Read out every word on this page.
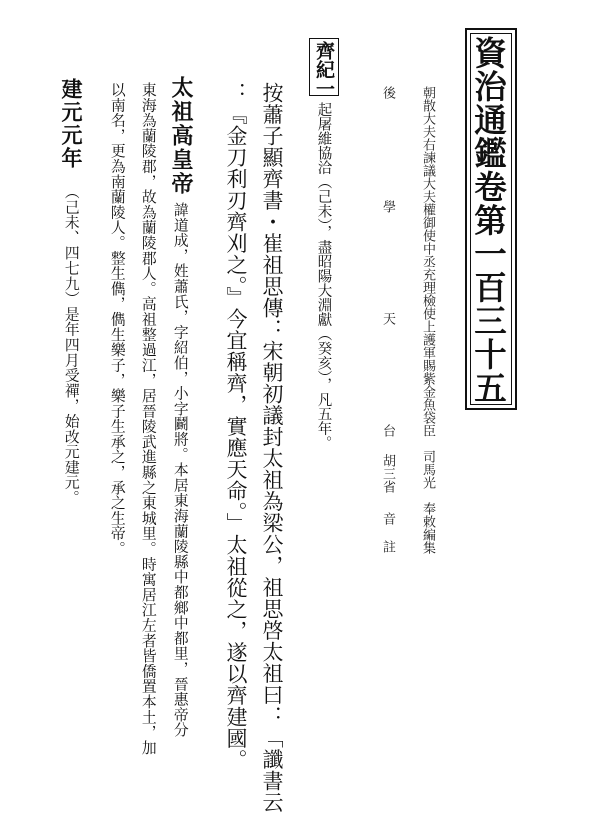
資治通鑑卷第一百三十五
朝散大夫右諫議大夫權御使中丞充理檢使上護軍賜紫金魚袋臣　司馬光　奉敕編集
後
學
天
台
胡三省
音
註
齊紀一
起屠維協洽（己未），盡昭陽大淵獻（癸亥），凡五年。
按蕭子顯齊書・崔祖思傳：宋朝初議封太祖為梁公，祖思啓太祖曰：「讖書云
：『金刀利刃齊刈之。』今宜稱齊，實應天命。」太祖從之，遂以齊建國。
太祖高皇帝
諱道成，姓蕭氏，字紹伯，小字鬬將。本居東海蘭陵縣中都鄉中都里，晉惠帝分
東海為蘭陵郡，故為蘭陵郡人。高祖整過江，居晉陵武進縣之東城里。時寓居江左者皆僑置本土，加
以南名，更為南蘭陵人。整生儁，儁生樂子，樂子生承之，承之生帝。
建元元年
（己未、四七九）是年四月受禪，始改元建元。
